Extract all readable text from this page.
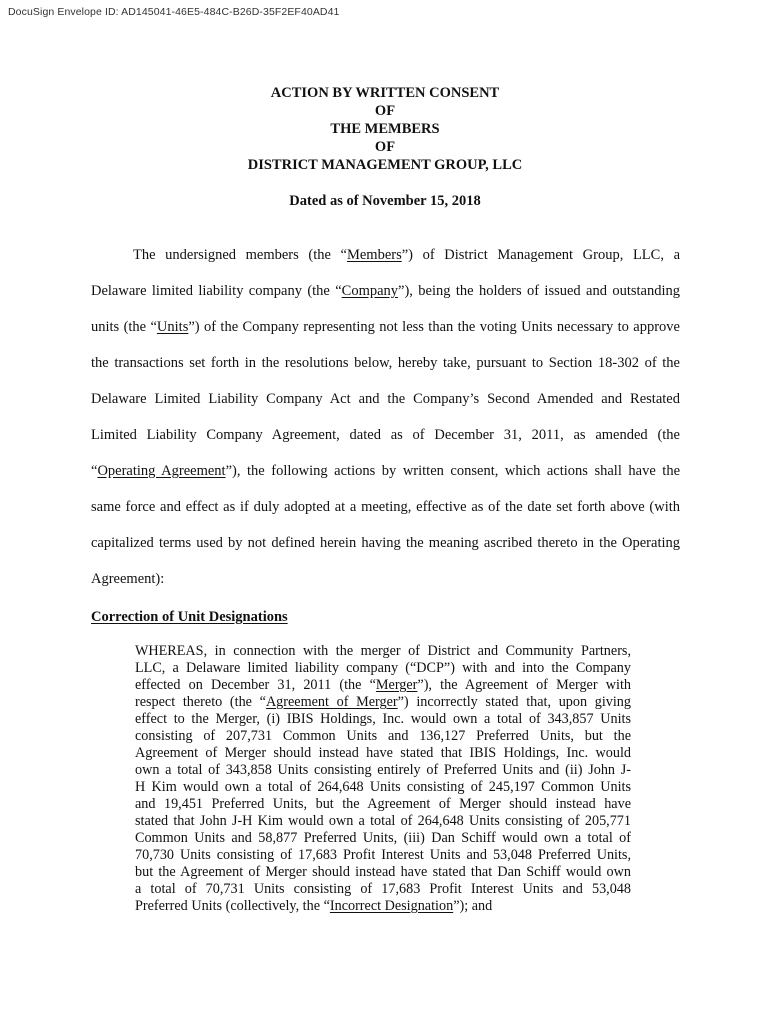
DocuSign Envelope ID: AD145041-46E5-484C-B26D-35F2EF40AD41
ACTION BY WRITTEN CONSENT
OF
THE MEMBERS
OF
DISTRICT MANAGEMENT GROUP, LLC
Dated as of November 15, 2018
The undersigned members (the “Members”) of District Management Group, LLC, a
Delaware limited liability company (the “Company”), being the holders of issued and outstanding
units (the “Units”) of the Company representing not less than the voting Units necessary to approve
the transactions set forth in the resolutions below, hereby take, pursuant to Section 18-302 of the
Delaware Limited Liability Company Act and the Company’s Second Amended and Restated
Limited Liability Company Agreement, dated as of December 31, 2011, as amended (the
“Operating Agreement”), the following actions by written consent, which actions shall have the
same force and effect as if duly adopted at a meeting, effective as of the date set forth above (with
capitalized terms used by not defined herein having the meaning ascribed thereto in the Operating
Agreement):
Correction of Unit Designations
WHEREAS, in connection with the merger of District and Community Partners,
LLC, a Delaware limited liability company (“DCP”) with and into the Company
effected on December 31, 2011 (the “Merger”), the Agreement of Merger with
respect thereto (the “Agreement of Merger”) incorrectly stated that, upon giving
effect to the Merger, (i) IBIS Holdings, Inc. would own a total of 343,857 Units
consisting of 207,731 Common Units and 136,127 Preferred Units, but the
Agreement of Merger should instead have stated that IBIS Holdings, Inc. would
own a total of 343,858 Units consisting entirely of Preferred Units and (ii) John J-
H Kim would own a total of 264,648 Units consisting of 245,197 Common Units
and 19,451 Preferred Units, but the Agreement of Merger should instead have
stated that John J-H Kim would own a total of 264,648 Units consisting of 205,771
Common Units and 58,877 Preferred Units, (iii) Dan Schiff would own a total of
70,730 Units consisting of 17,683 Profit Interest Units and 53,048 Preferred Units,
but the Agreement of Merger should instead have stated that Dan Schiff would own
a total of 70,731 Units consisting of 17,683 Profit Interest Units and 53,048
Preferred Units (collectively, the “Incorrect Designation”); and
